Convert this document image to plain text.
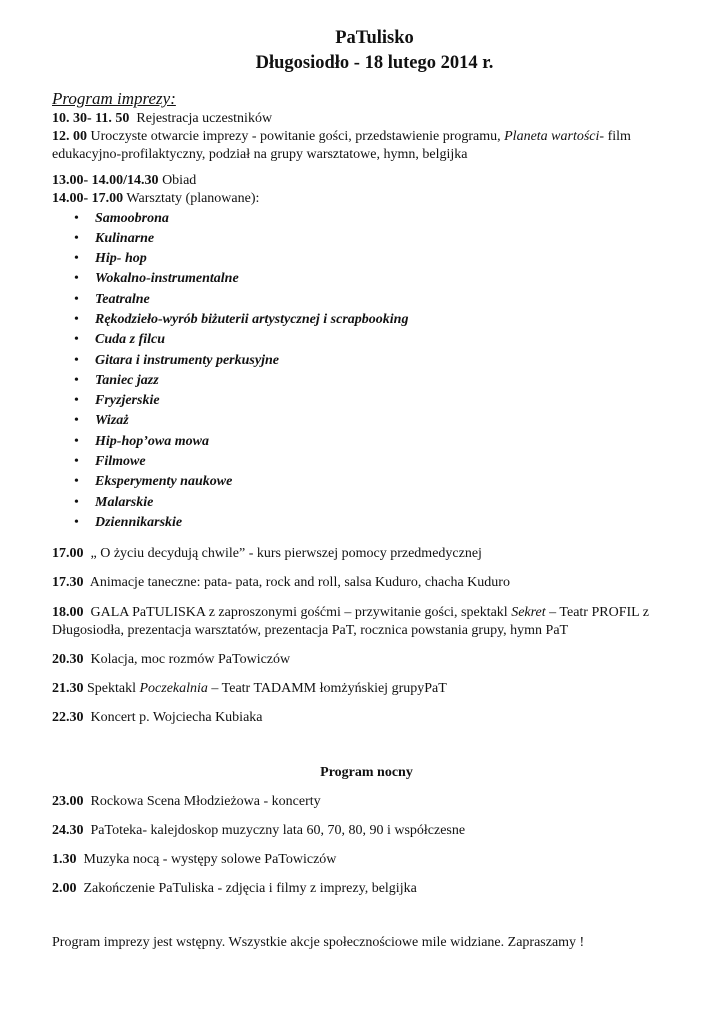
PaTulisko
Długosiodło - 18 lutego 2014 r.
Program imprezy:

10. 30- 11. 50 Rejestracja uczestników

12. 00 Uroczyste otwarcie imprezy - powitanie gości, przedstawienie programu, Planeta wartości- film edukacyjno-profilaktyczny, podział na grupy warsztatowe, hymn, belgijka

13.00- 14.00/14.30 Obiad

14.00- 17.00 Warsztaty (planowane):

• Samoobrona
• Kulinarne
• Hip- hop
• Wokalno-instrumentalne
• Teatralne
• Rękodzieło-wyrób biżuterii artystycznej i scrapbooking
• Cuda z filcu
• Gitara i instrumenty perkusyjne
• Taniec jazz
• Fryzjerskie
• Wizaż
• Hip-hop’owa mowa
• Filmowe
• Eksperymenty naukowe
• Malarskie
• Dziennikarskie

17.00 „ O życiu decydują chwile” - kurs pierwszej pomocy przedmedycznej

17.30 Animacje taneczne: pata- pata, rock and roll, salsa Kuduro, chacha Kuduro

18.00 GALA PaTULISKA z zaproszonymi gośćmi – przywitanie gości, spektakl Sekret – Teatr PROFIL z Długosiodła, prezentacja warsztatów, prezentacja PaT, rocznica powstania grupy, hymn PaT

20.30 Kolacja, moc rozmów PaTowiczów

21.30 Spektakl Poczekalnia – Teatr TADAMM łomżyńskiej grupyPaT

22.30 Koncert p. Wojciecha Kubiaka

Program nocny

23.00 Rockowa Scena Młodzieżowa - koncerty

24.30 PaToteka- kalejdoskop muzyczny lata 60, 70, 80, 90 i współczesne

1.30 Muzyka nocą - występy solowe PaTowiczów

2.00 Zakończenie PaTuliska - zdjęcia i filmy z imprezy, belgijka

Program imprezy jest wstępny. Wszystkie akcje społecznościowe mile widziane. Zapraszamy !
